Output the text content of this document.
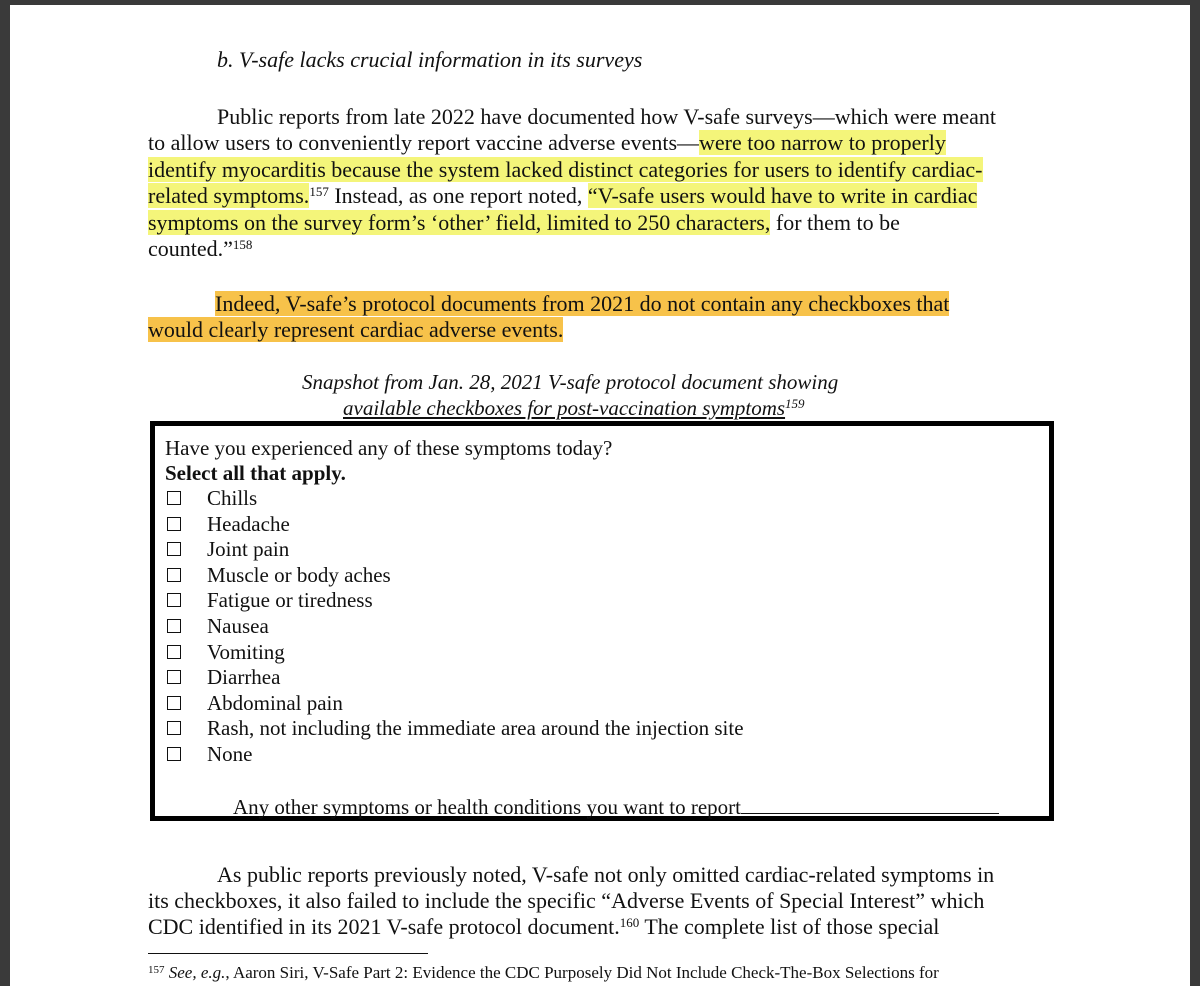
b. V-safe lacks crucial information in its surveys
Public reports from late 2022 have documented how V-safe surveys—which were meant
to allow users to conveniently report vaccine adverse events—were too narrow to properly
identify myocarditis because the system lacked distinct categories for users to identify cardiac-
related symptoms.$^{157}$ Instead, as one report noted, “V-safe users would have to write in cardiac
symptoms on the survey form’s ‘other’ field, limited to 250 characters, for them to be
counted.”$^{158}$
Indeed, V-safe’s protocol documents from 2021 do not contain any checkboxes that
would clearly represent cardiac adverse events.
Snapshot from Jan. 28, 2021 V-safe protocol document showing
available checkboxes for post-vaccination symptoms$^{159}$
Have you experienced any of these symptoms today?
Select all that apply.
Chills
Headache
Joint pain
Muscle or body aches
Fatigue or tiredness
Nausea
Vomiting
Diarrhea
Abdominal pain
Rash, not including the immediate area around the injection site
None
Any other symptoms or health conditions you want to report
As public reports previously noted, V-safe not only omitted cardiac-related symptoms in
its checkboxes, it also failed to include the specific “Adverse Events of Special Interest” which
CDC identified in its 2021 V-safe protocol document.$^{160}$ The complete list of those special
$^{157}$ See, e.g., Aaron Siri, V-Safe Part 2: Evidence the CDC Purposely Did Not Include Check-The-Box Selections for
